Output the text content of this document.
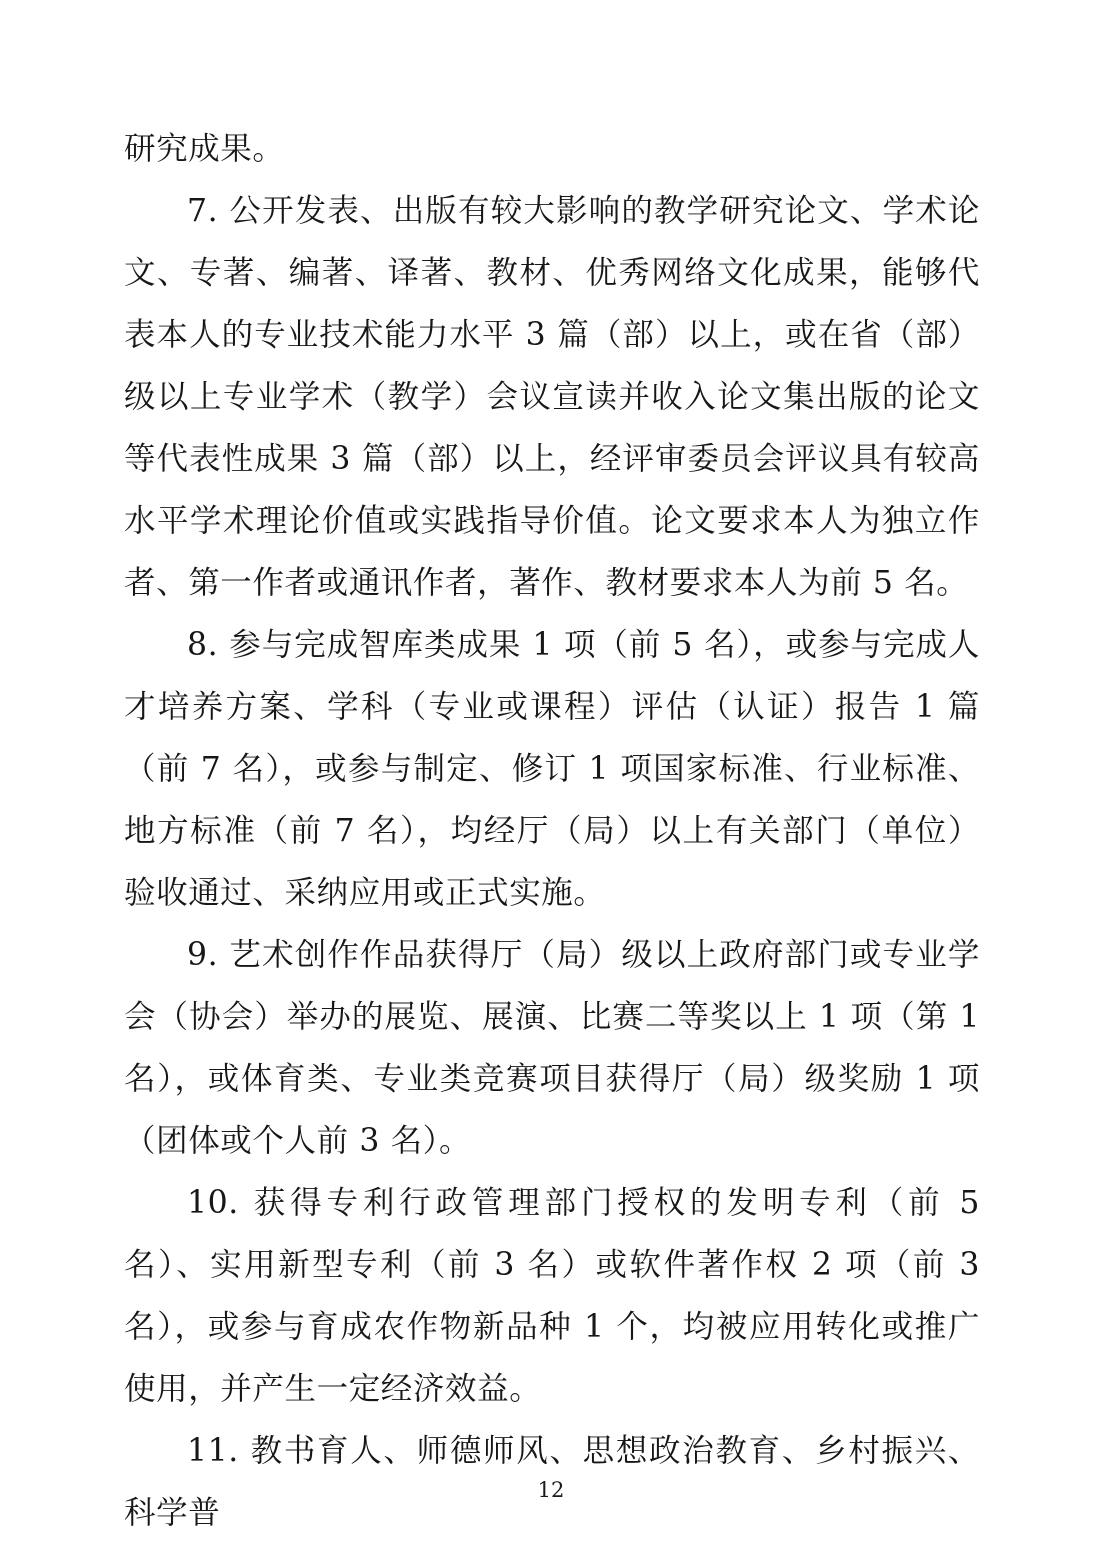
研究成果。

7. 公开发表、出版有较大影响的教学研究论文、学术论文、专著、编著、译著、教材、优秀网络文化成果，能够代表本人的专业技术能力水平 3 篇（部）以上，或在省（部）级以上专业学术（教学）会议宣读并收入论文集出版的论文等代表性成果 3 篇（部）以上，经评审委员会评议具有较高水平学术理论价值或实践指导价值。论文要求本人为独立作者、第一作者或通讯作者，著作、教材要求本人为前 5 名。

8. 参与完成智库类成果 1 项（前 5 名），或参与完成人才培养方案、学科（专业或课程）评估（认证）报告 1 篇（前 7 名），或参与制定、修订 1 项国家标准、行业标准、地方标准（前 7 名），均经厅（局）以上有关部门（单位）验收通过、采纳应用或正式实施。

9. 艺术创作作品获得厅（局）级以上政府部门或专业学会（协会）举办的展览、展演、比赛二等奖以上 1 项（第 1 名），或体育类、专业类竞赛项目获得厅（局）级奖励 1 项（团体或个人前 3 名）。

10. 获得专利行政管理部门授权的发明专利（前 5 名）、实用新型专利（前 3 名）或软件著作权 2 项（前 3 名），或参与育成农作物新品种 1 个，均被应用转化或推广使用，并产生一定经济效益。

11. 教书育人、师德师风、思想政治教育、乡村振兴、科学普

12
